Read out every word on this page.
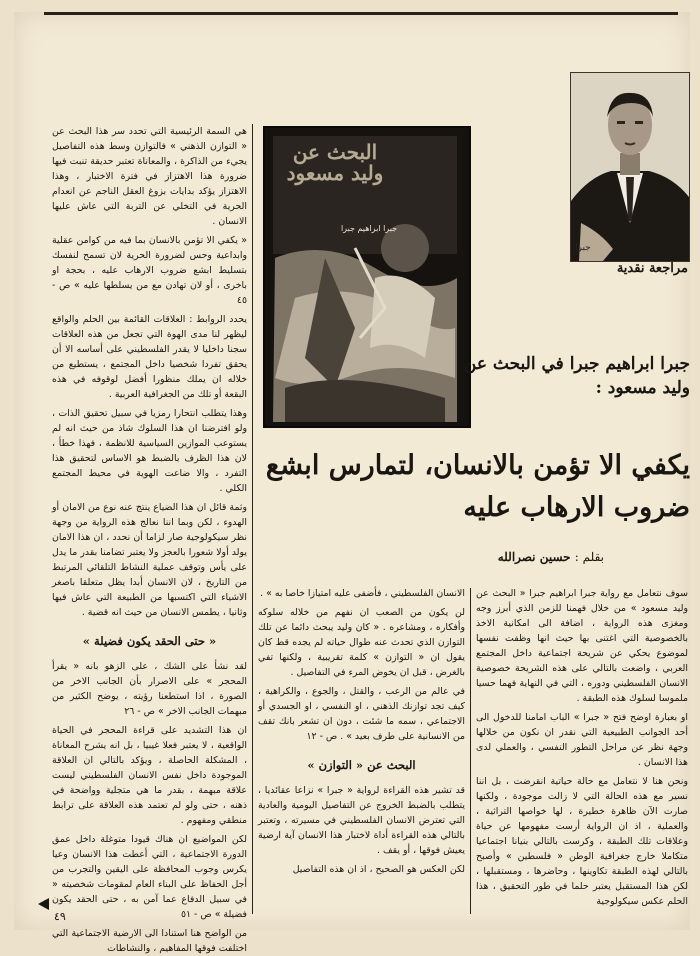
جبرا
مراجعة نقدية
البحث عن وليد مسعود
جبرا ابراهيم جبرا
جبرا ابراهيم جبرا في البحث عن وليد مسعود :
يكفي الا تؤمن بالانسان، لتمارس ابشع ضروب الارهاب عليه
بقلم : حسين نصرالله

سوف نتعامل مع رواية جبرا ابراهيم جبرا « البحث عن وليد مسعود » من خلال فهمنا للزمن الذي أبرز وجه ومغزى هذه الرواية ، اضافة الى امكانية الاخذ بالخصوصية التي اغتنى بها حيث انها وظفت نفسها لموضوع يحكي عن شريحة اجتماعية داخل المجتمع العربي ، واضعت بالتالي على هذه الشريحة خصوصية الانسان الفلسطيني ودوره ، التي في النهاية فهما حسيا ملموسا لسلوك هذه الطبقة .

او بعبارة اوضح فتح « جبرا » الباب امامنا للدخول الى أحد الجوانب الطبيعية التي نقدر ان نكون من خلالها وجهة نظر عن مراحل التطور النفسي ، والعملي لدى هذا الانسان .

ونحن هنا لا نتعامل مع حالة حياتية انقرضت ، بل اننا نسير مع هذه الحالة التي لا زالت موجودة ، ولكنها صارت الآن ظاهرة خطيرة ، لها خواصها التراثية ، والعملية ، اذ ان الرواية أرست مفهومها عن حياة وعلاقات تلك الطبقة ، وكرست بالتالي بنيانا اجتماعيا متكاملا خارج جغرافية الوطن « فلسطين » وأصبح بالتالي لهذه الطبقة تكاوينها ، وحاضرها ، ومستقبلها ، لكن هذا المستقبل يعتبر حلما في طور التحقيق ، هذا الحلم عكس سيكولوجية

الانسان الفلسطيني ، فأضفى عليه امتيازا خاصا به » .

لن يكون من الصعب ان نفهم من خلاله سلوكه وأفكاره ، ومشاعره . « كان وليد يبحث دائما عن تلك التوازن الذي تحدث عنه طوال حياته لم يجده قط كان يقول ان « التوازن » كلمة تقريبية ، ولكنها تفي بالغرض ، قبل ان يخوض المرء في التفاصيل .

في عالم من الرعب ، والقتل ، والجوع ، والكراهية ، كيف تجد توازنك الذهني ، او النفسي ، او الجسدي أو الاجتماعي ، سمه ما شئت ، دون ان تشعر بانك تقف من الانسانية على طرف بعيد » . ص - ١٢

البحث عن « التوازن »

قد تشير هذه القراءة لرواية « جبرا » نزاعا عقائديا ، يتطلب بالضبط الخروج عن التفاصيل اليومية والعادية التي تعترض الانسان الفلسطيني في مسيرته ، وتعتبر بالتالي هذه القراءة أداة لاختبار هذا الانسان آية ارضية يعيش فوقها ، أو يقف .

لكن العكس هو الصحيح ، اذ ان هذه التفاصيل

هي السمة الرئيسية التي تحدد سر هذا البحث عن « التوازن الذهني » فالتوازن وسط هذه التفاصيل يجيء من الذاكرة ، والمعاناة تعتبر حديقة تنبت فيها ضرورة هذا الاهتزاز في فترة الاختبار ، وهذا الاهتزاز يؤكد بدايات بزوغ العقل الناجم عن انعدام الحرية في التخلي عن التربة التي عاش عليها الانسان .

« يكفي الا تؤمن بالانسان بما فيه من كوامن عقلية وابداعية وحس لضرورة الحرية لان تسمح لنفسك بتسليط ابشع ضروب الارهاب عليه ، بحجة او باخرى ، أو لان تهادن مع من يسلطها عليه » ص - ٤٥

يحدد الروابط : العلاقات القائمة بين الحلم والواقع ليظهر لنا مدى الهوة التي تجعل من هذه العلاقات سجنا داخليا لا يقدر الفلسطيني على أساسه الا أن يحقق تفردا شخصيا داخل المجتمع ، يستطيع من خلاله ان يملك منظورا أفضل لوقوفه في هذه البقعة أو تلك من الجغرافية العربية .

وهذا يتطلب انتحارا رمزيا في سبيل تحقيق الذات ، ولو افترضنا ان هذا السلوك شاذ من حيث انه لم يستوعب الموازين السياسية للانظمة ، فهذا خطأ ، لان هذا الظرف بالضبط هو الاساس لتحقيق هذا التفرد ، والا ضاعت الهوية في محيط المجتمع الكلي .

وثمة قائل ان هذا الضياع ينتج عنه نوع من الامان أو الهدوء ، لكن وبما اننا نعالج هذه الرواية من وجهة نظر سيكولوجية صار لزاما أن نحدد ، ان هذا الامان يولد أولا شعورا بالعجز ولا يعتبر تضامنا بقدر ما يدل على يأس وتوقف عملية النشاط التلقائي المرتبط من التاريخ ، لان الانسان أبدا يظل متعلقا باصغر الاشياء التي اكتسبها من الطبيعة التي عاش فيها وثانيا ، يطمس الانسان من حيث انه قضية .

« حتى الحقد يكون فضيلة »

لقد نشأ على الشك ، على الزهو بانه « يقرأ المحجر » على الاصرار بأن الجانب الاخر من الصورة ، اذا استطعنا رؤيته ، يوضح الكثير من مبهمات الجانب الاخر » ص - ٢٦

ان هذا التشديد على قراءة المحجر في الحياة الواقعية ، لا يعتبر فعلا غيبيا ، بل انه يشرح المعاناة ، المشكلة الحاصلة ، ويؤكد بالتالي ان العلاقة الموجودة داخل نفس الانسان الفلسطيني ليست علاقة مبهمة ، بقدر ما هي متجلية وواضحة في ذهنه ، حتى ولو لم تعتمد هذه العلاقة على ترابط منطقي ومفهوم .

لكن المواضيع ان هناك قيودا متوغلة داخل عمق الدورة الاجتماعية ، التي أعطت هذا الانسان وعيا يكرس وجوب المحافظة على اليقين والتجرب من أجل الحفاظ على البناء العام لمقومات شخصيته « في سبيل الدفاع عما آمن به ، حتى الحقد يكون فضيلة » ص - ٥١

من الواضح هنا استنادا الى الارضية الاجتماعية التي اختلفت فوقها المفاهيم ، والنشاطات

٤٩
